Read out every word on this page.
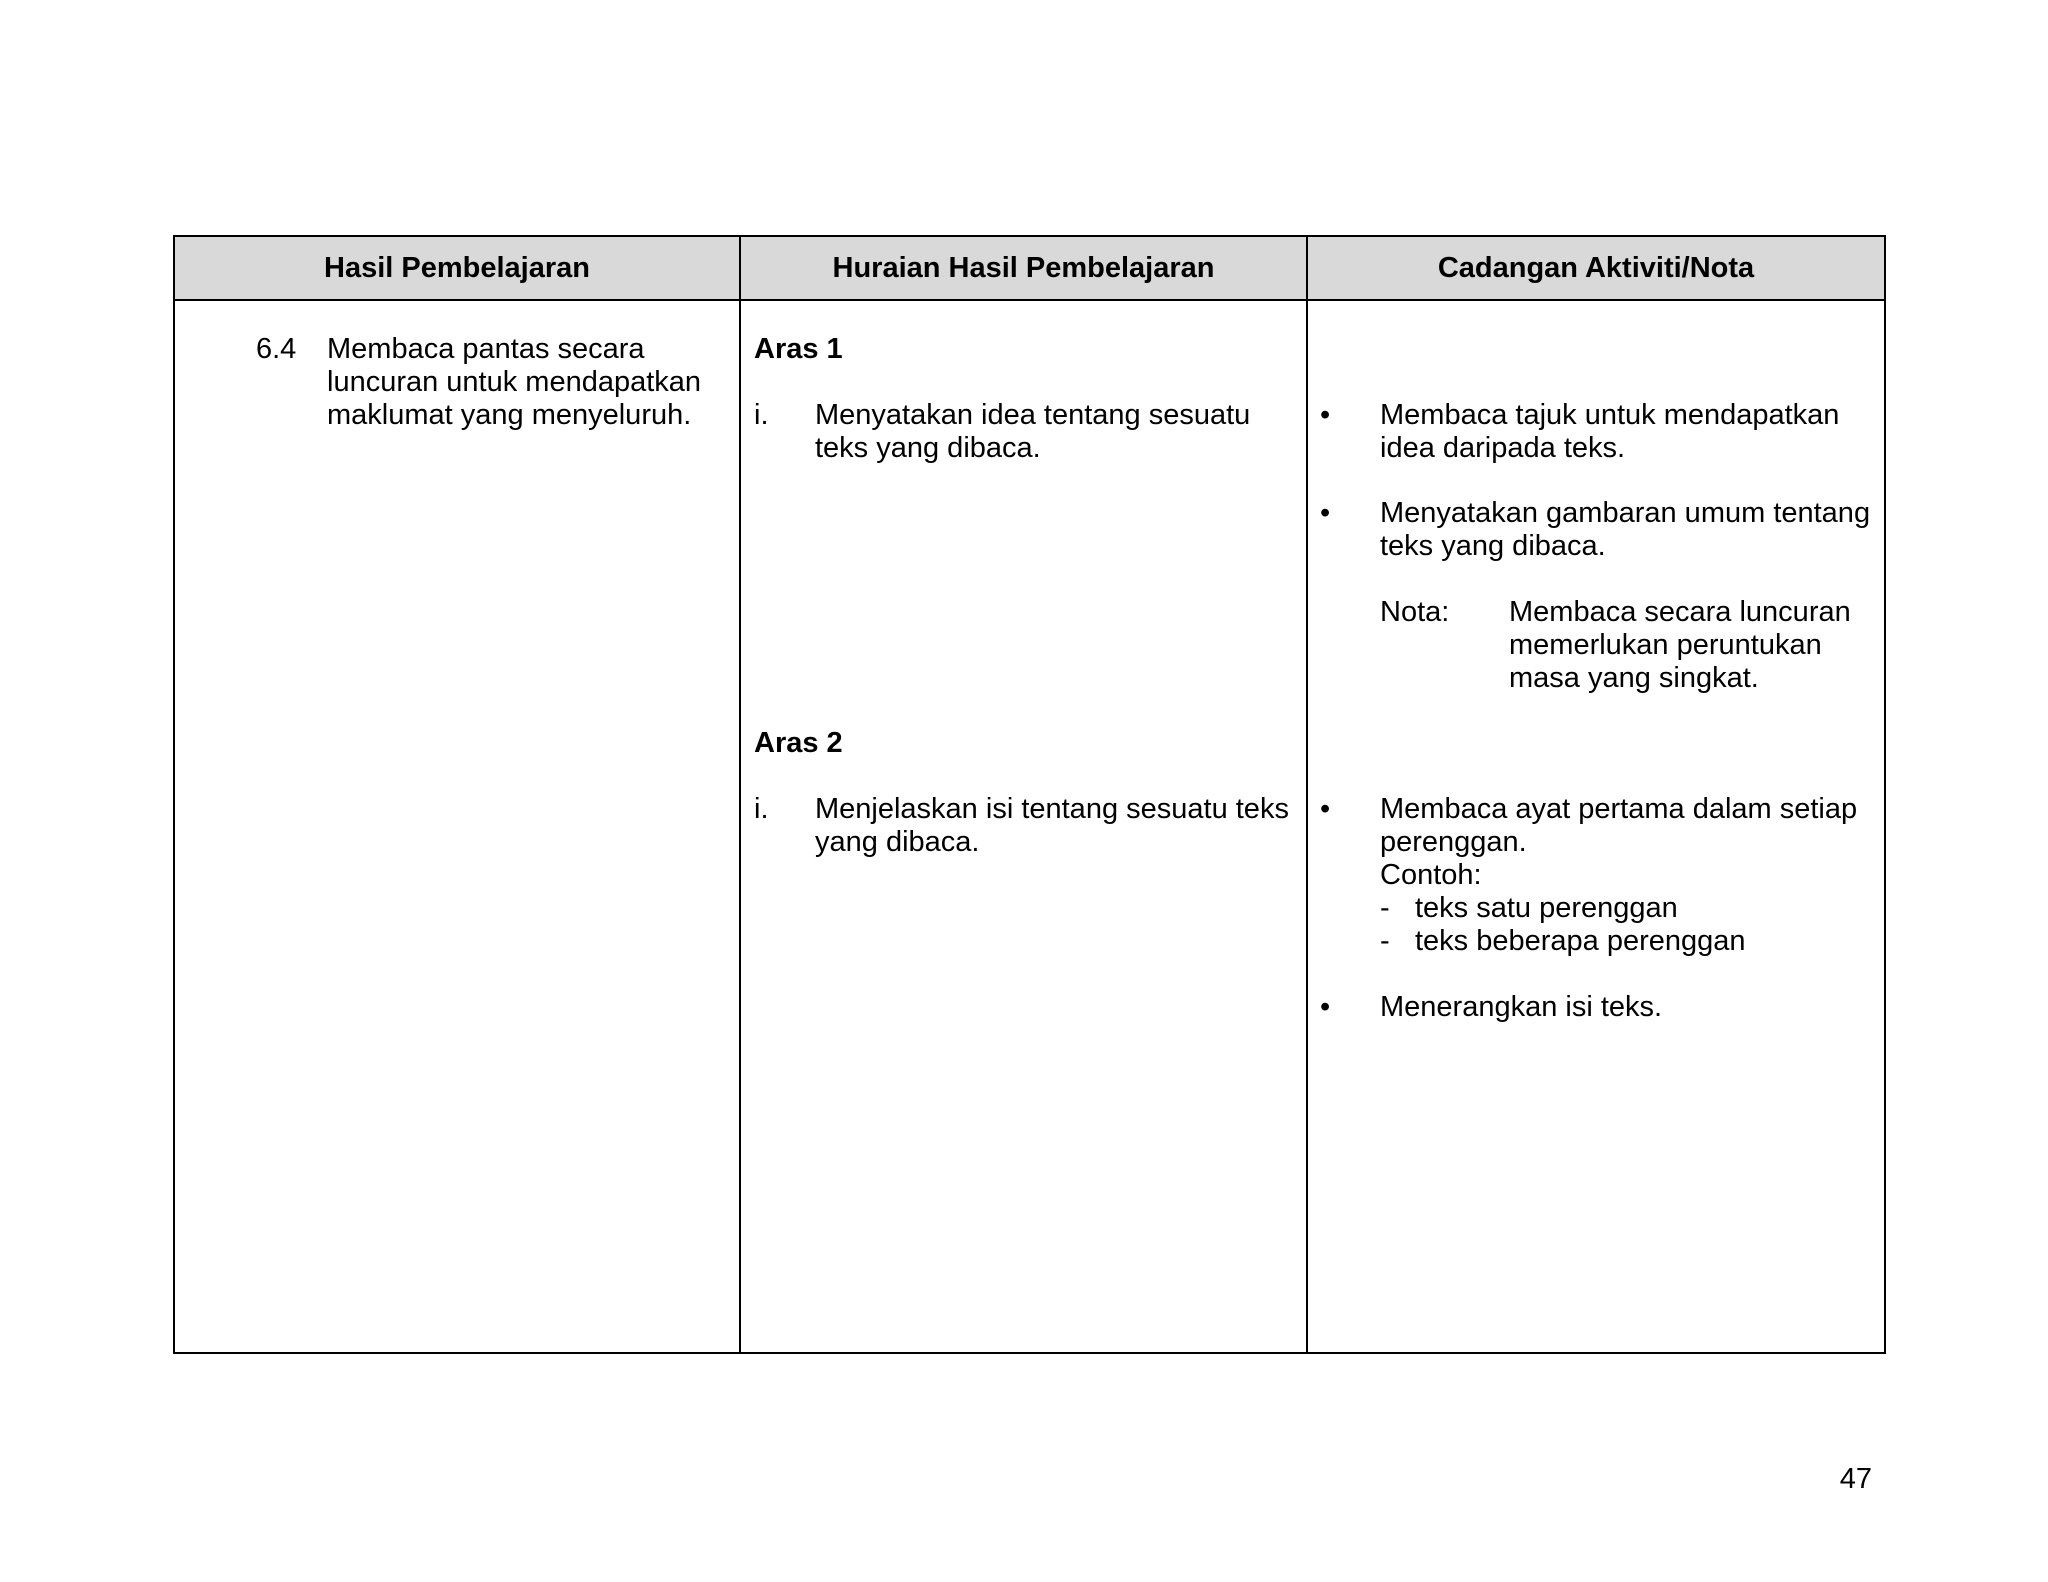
Hasil Pembelajaran	Huraian Hasil Pembelajaran	Cadangan Aktiviti/Nota
6.4 Membaca pantas secara
luncuran untuk mendapatkan
maklumat yang menyeluruh.
Aras 1
i. Menyatakan idea tentang sesuatu
teks yang dibaca.
Aras 2
i. Menjelaskan isi tentang sesuatu teks
yang dibaca.
• Membaca tajuk untuk mendapatkan
idea daripada teks.
• Menyatakan gambaran umum tentang
teks yang dibaca.
Nota: Membaca secara luncuran
memerlukan peruntukan
masa yang singkat.
• Membaca ayat pertama dalam setiap
perenggan.
Contoh:
- teks satu perenggan
- teks beberapa perenggan
• Menerangkan isi teks.
47
